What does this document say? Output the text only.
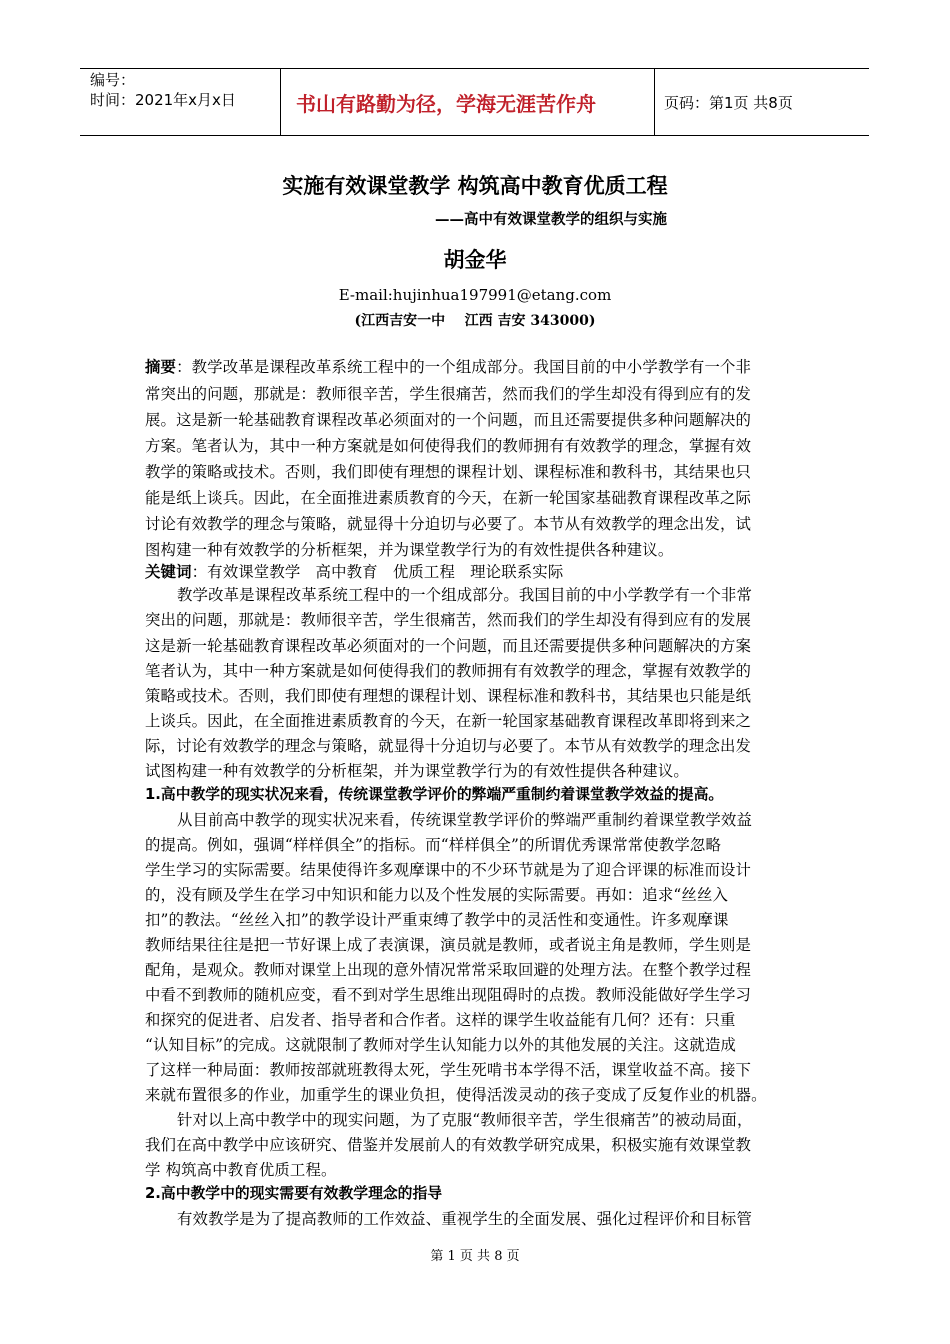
编号：
时间：2021年x月x日	书山有路勤为径，学海无涯苦作舟	页码：第1页 共8页
实施有效课堂教学 构筑高中教育优质工程
——高中有效课堂教学的组织与实施
胡金华
E-mail:hujinhua197991@etang.com
(江西吉安一中    江西 吉安 343000)
摘要：教学改革是课程改革系统工程中的一个组成部分。我国目前的中小学教学有一个非
常突出的问题，那就是：教师很辛苦，学生很痛苦，然而我们的学生却没有得到应有的发
展。这是新一轮基础教育课程改革必须面对的一个问题，而且还需要提供多种问题解决的
方案。笔者认为，其中一种方案就是如何使得我们的教师拥有有效教学的理念，掌握有效
教学的策略或技术。否则，我们即使有理想的课程计划、课程标准和教科书，其结果也只
能是纸上谈兵。因此，在全面推进素质教育的今天，在新一轮国家基础教育课程改革之际
讨论有效教学的理念与策略，就显得十分迫切与必要了。本节从有效教学的理念出发，试
图构建一种有效教学的分析框架，并为课堂教学行为的有效性提供各种建议。
关键词：有效课堂教学   高中教育   优质工程   理论联系实际
教学改革是课程改革系统工程中的一个组成部分。我国目前的中小学教学有一个非常
突出的问题，那就是：教师很辛苦，学生很痛苦，然而我们的学生却没有得到应有的发展
这是新一轮基础教育课程改革必须面对的一个问题，而且还需要提供多种问题解决的方案
笔者认为，其中一种方案就是如何使得我们的教师拥有有效教学的理念，掌握有效教学的
策略或技术。否则，我们即使有理想的课程计划、课程标准和教科书，其结果也只能是纸
上谈兵。因此，在全面推进素质教育的今天，在新一轮国家基础教育课程改革即将到来之
际，讨论有效教学的理念与策略，就显得十分迫切与必要了。本节从有效教学的理念出发
试图构建一种有效教学的分析框架，并为课堂教学行为的有效性提供各种建议。
1.高中教学的现实状况来看，传统课堂教学评价的弊端严重制约着课堂教学效益的提高。
从目前高中教学的现实状况来看，传统课堂教学评价的弊端严重制约着课堂教学效益
的提高。例如，强调“样样俱全”的指标。而“样样俱全”的所谓优秀课常常使教学忽略
学生学习的实际需要。结果使得许多观摩课中的不少环节就是为了迎合评课的标准而设计
的，没有顾及学生在学习中知识和能力以及个性发展的实际需要。再如：追求“丝丝入
扣”的教法。“丝丝入扣”的教学设计严重束缚了教学中的灵活性和变通性。许多观摩课
教师结果往往是把一节好课上成了表演课，演员就是教师，或者说主角是教师，学生则是
配角，是观众。教师对课堂上出现的意外情况常常采取回避的处理方法。在整个教学过程
中看不到教师的随机应变，看不到对学生思维出现阻碍时的点拨。教师没能做好学生学习
和探究的促进者、启发者、指导者和合作者。这样的课学生收益能有几何？还有：只重
“认知目标”的完成。这就限制了教师对学生认知能力以外的其他发展的关注。这就造成
了这样一种局面：教师按部就班教得太死，学生死啃书本学得不活，课堂收益不高。接下
来就布置很多的作业，加重学生的课业负担，使得活泼灵动的孩子变成了反复作业的机器。
针对以上高中教学中的现实问题，为了克服“教师很辛苦，学生很痛苦”的被动局面，
我们在高中教学中应该研究、借鉴并发展前人的有效教学研究成果，积极实施有效课堂教
学 构筑高中教育优质工程。
2.高中教学中的现实需要有效教学理念的指导
有效教学是为了提高教师的工作效益、重视学生的全面发展、强化过程评价和目标管
第 1 页 共 8 页
